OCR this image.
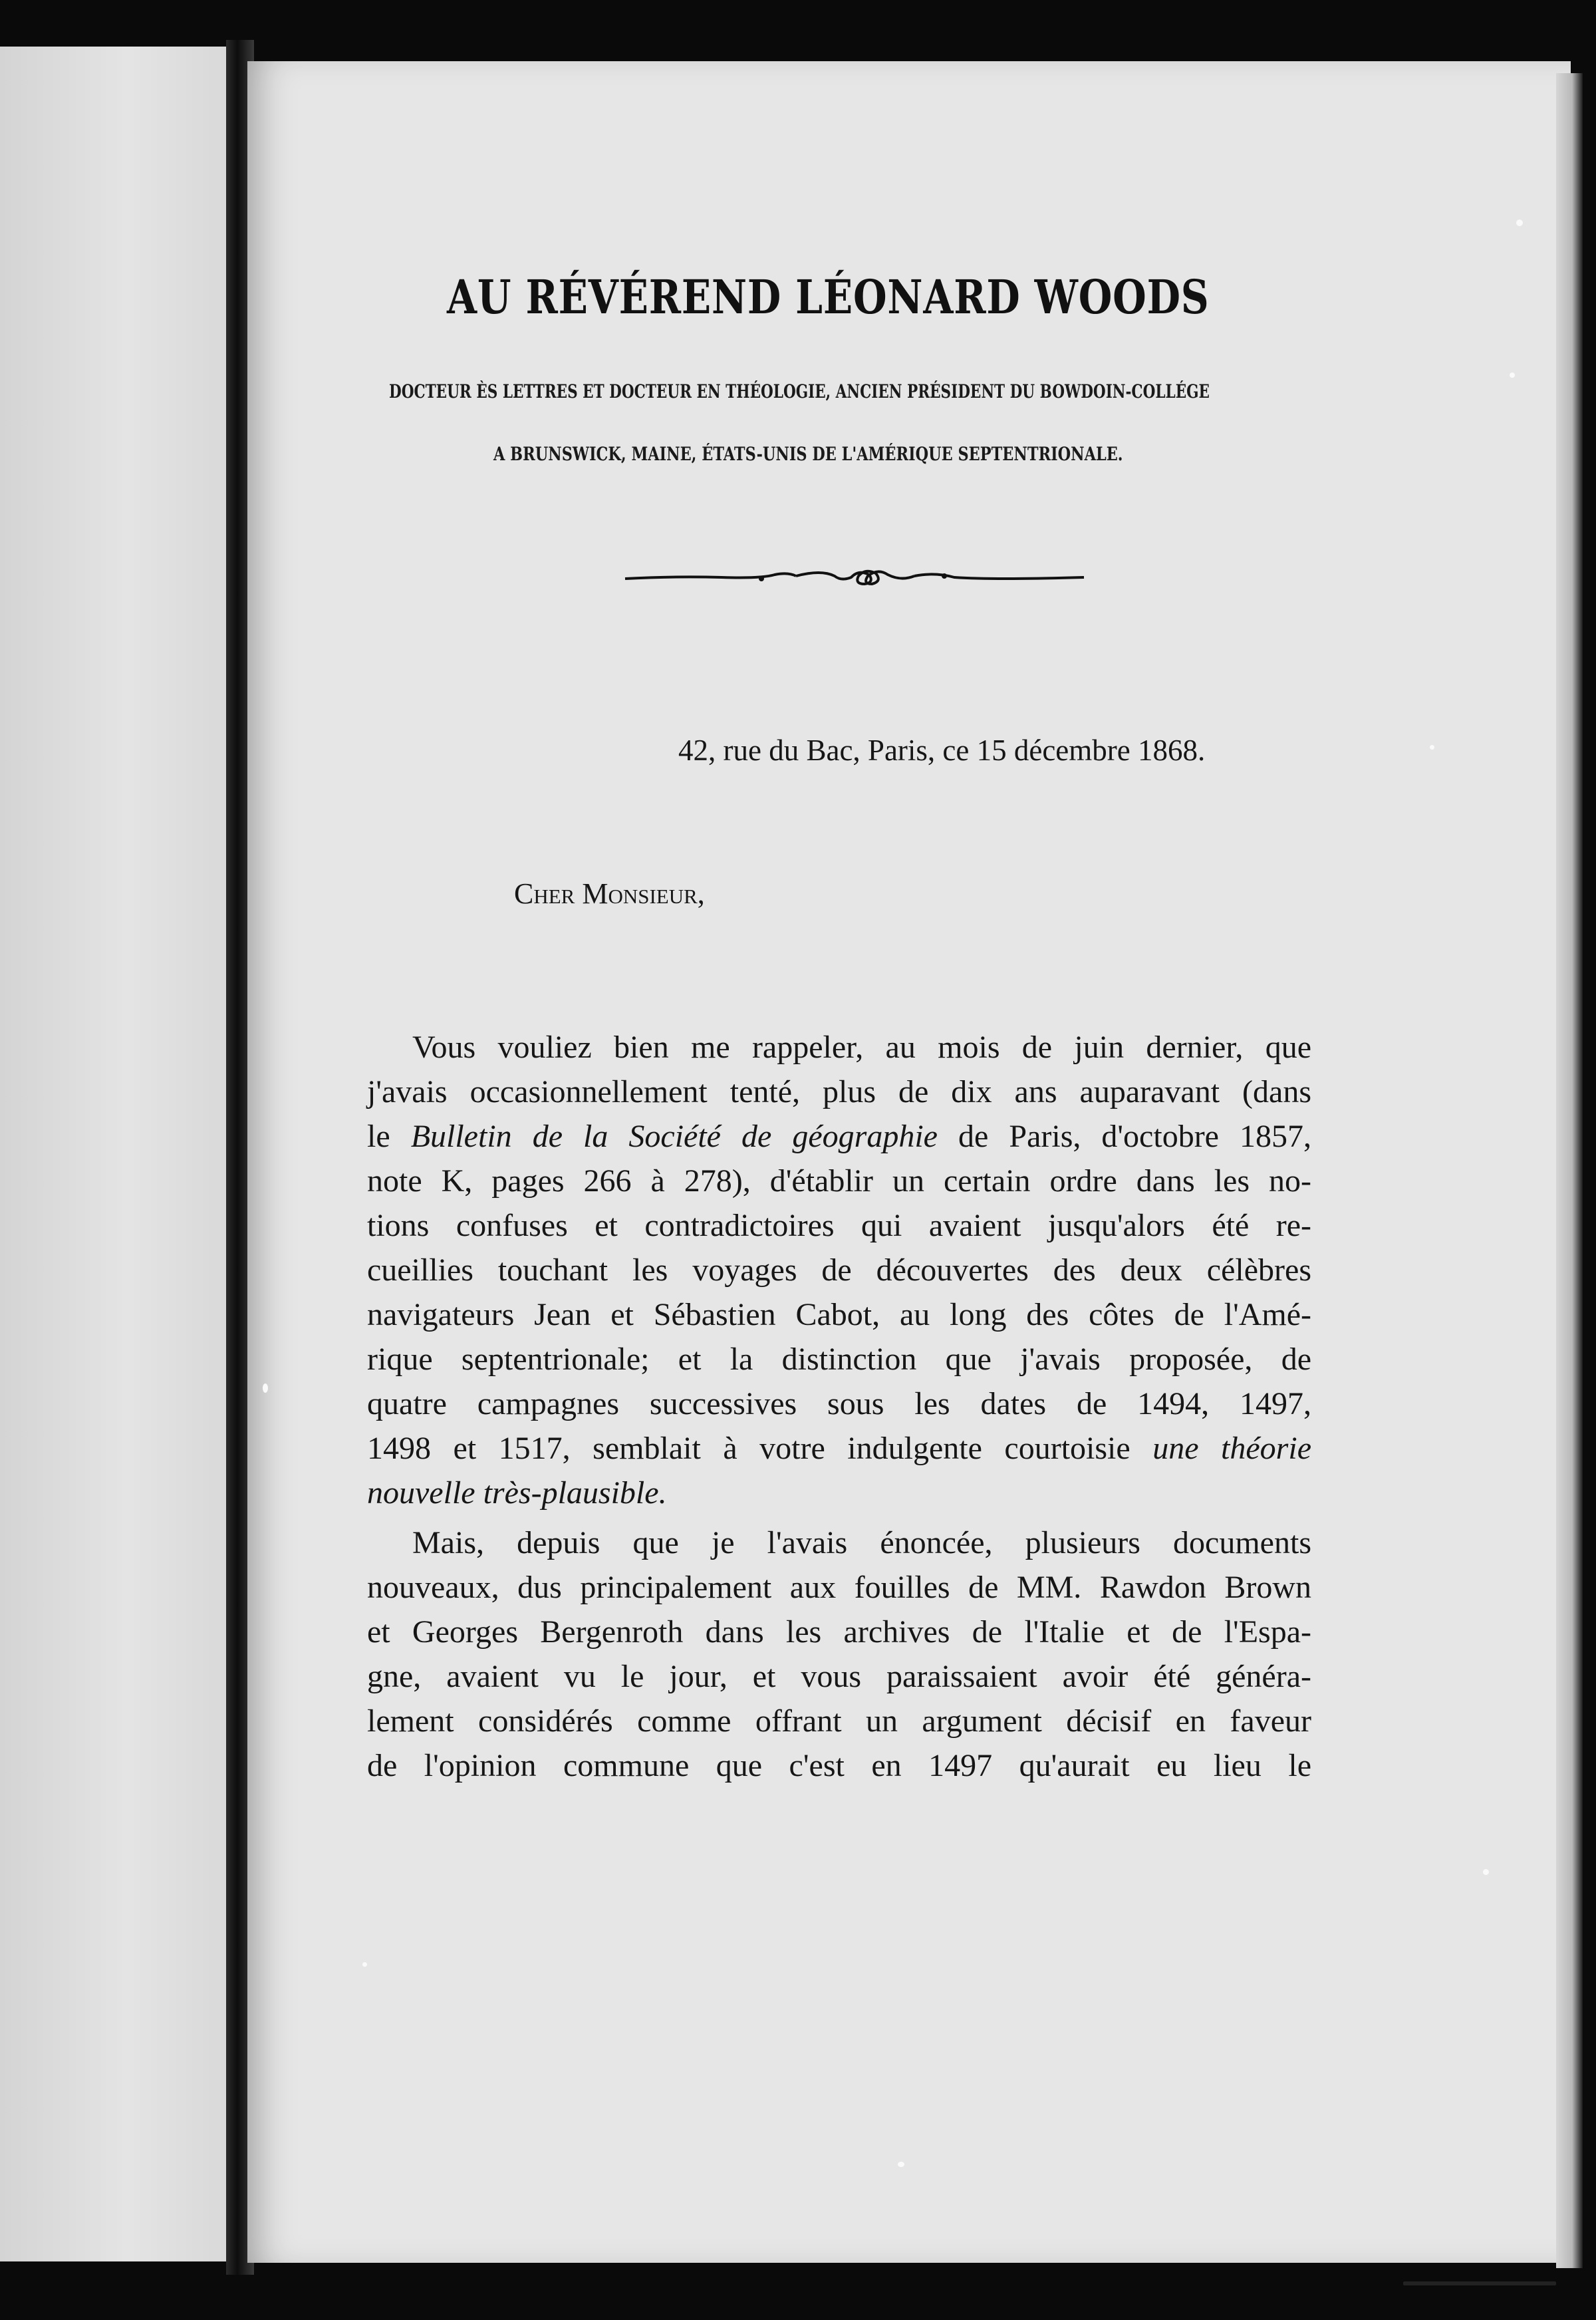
AU RÉVÉREND LÉONARD WOODS
DOCTEUR ÈS LETTRES ET DOCTEUR EN THÉOLOGIE, ANCIEN PRÉSIDENT DU BOWDOIN-COLLÉGE
A BRUNSWICK, MAINE, ÉTATS-UNIS DE L'AMÉRIQUE SEPTENTRIONALE.
42, rue du Bac, Paris, ce 15 décembre 1868.
Cher Monsieur,
Vous vouliez bien me rappeler, au mois de juin dernier, que
j'avais occasionnellement tenté, plus de dix ans auparavant (dans
le Bulletin de la Société de géographie de Paris, d'octobre 1857,
note K, pages 266 à 278), d'établir un certain ordre dans les no-
tions confuses et contradictoires qui avaient jusqu'alors été re-
cueillies touchant les voyages de découvertes des deux célèbres
navigateurs Jean et Sébastien Cabot, au long des côtes de l'Amé-
rique septentrionale; et la distinction que j'avais proposée, de
quatre campagnes successives sous les dates de 1494, 1497,
1498 et 1517, semblait à votre indulgente courtoisie une théorie
nouvelle très-plausible.
Mais, depuis que je l'avais énoncée, plusieurs documents
nouveaux, dus principalement aux fouilles de MM. Rawdon Brown
et Georges Bergenroth dans les archives de l'Italie et de l'Espa-
gne, avaient vu le jour, et vous paraissaient avoir été généra-
lement considérés comme offrant un argument décisif en faveur
de l'opinion commune que c'est en 1497 qu'aurait eu lieu le
